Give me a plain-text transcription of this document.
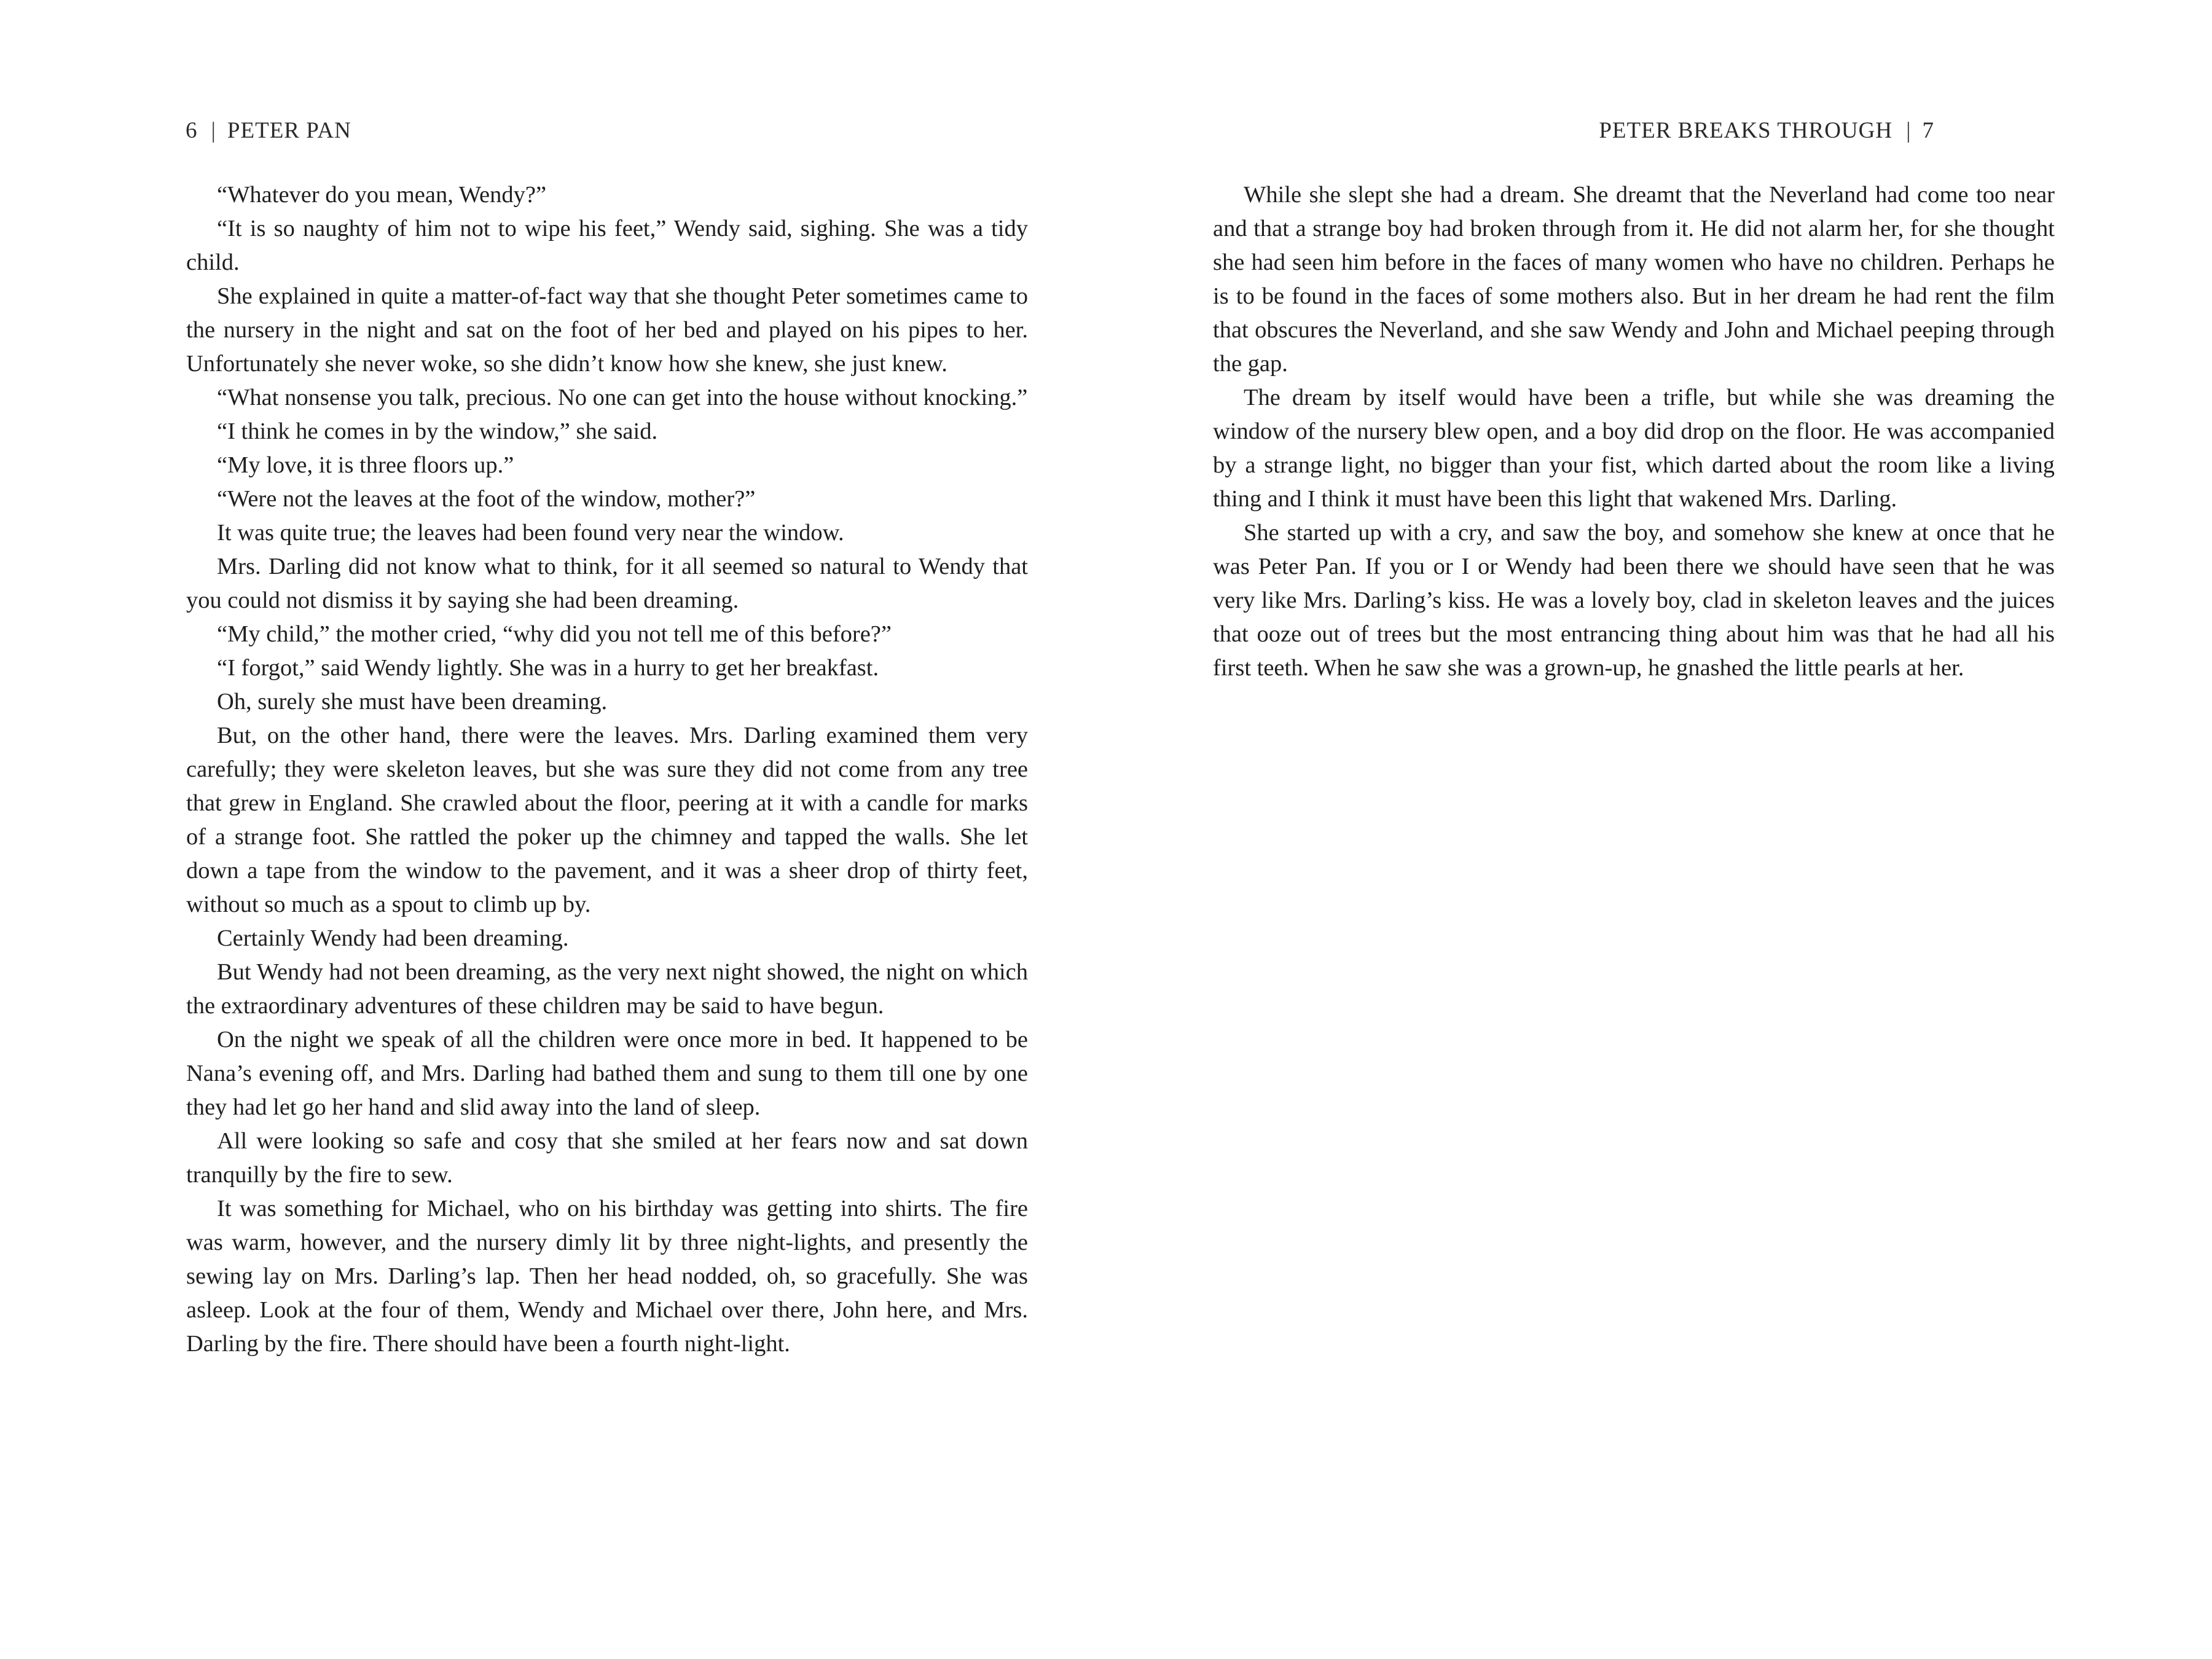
6 | PETER PAN

“Whatever do you mean, Wendy?”

“It is so naughty of him not to wipe his feet,” Wendy said, sighing. She was a tidy child.

She explained in quite a matter-of-fact way that she thought Peter sometimes came to the nursery in the night and sat on the foot of her bed and played on his pipes to her. Unfortunately she never woke, so she didn’t know how she knew, she just knew.

“What nonsense you talk, precious. No one can get into the house without knocking.”

“I think he comes in by the window,” she said.

“My love, it is three floors up.”

“Were not the leaves at the foot of the window, mother?”

It was quite true; the leaves had been found very near the window.

Mrs. Darling did not know what to think, for it all seemed so natural to Wendy that you could not dismiss it by saying she had been dreaming.

“My child,” the mother cried, “why did you not tell me of this before?”

“I forgot,” said Wendy lightly. She was in a hurry to get her breakfast.

Oh, surely she must have been dreaming.

But, on the other hand, there were the leaves. Mrs. Darling examined them very carefully; they were skeleton leaves, but she was sure they did not come from any tree that grew in England. She crawled about the floor, peering at it with a candle for marks of a strange foot. She rattled the poker up the chimney and tapped the walls. She let down a tape from the window to the pavement, and it was a sheer drop of thirty feet, without so much as a spout to climb up by.

Certainly Wendy had been dreaming.

But Wendy had not been dreaming, as the very next night showed, the night on which the extraordinary adventures of these children may be said to have begun.

On the night we speak of all the children were once more in bed. It happened to be Nana’s evening off, and Mrs. Darling had bathed them and sung to them till one by one they had let go her hand and slid away into the land of sleep.

All were looking so safe and cosy that she smiled at her fears now and sat down tranquilly by the fire to sew.

It was something for Michael, who on his birthday was getting into shirts. The fire was warm, however, and the nursery dimly lit by three night-lights, and presently the sewing lay on Mrs. Darling’s lap. Then her head nodded, oh, so gracefully. She was asleep. Look at the four of them, Wendy and Michael over there, John here, and Mrs. Darling by the fire. There should have been a fourth night-light.

PETER BREAKS THROUGH | 7

While she slept she had a dream. She dreamt that the Neverland had come too near and that a strange boy had broken through from it. He did not alarm her, for she thought she had seen him before in the faces of many women who have no children. Perhaps he is to be found in the faces of some mothers also. But in her dream he had rent the film that obscures the Neverland, and she saw Wendy and John and Michael peeping through the gap.

The dream by itself would have been a trifle, but while she was dreaming the window of the nursery blew open, and a boy did drop on the floor. He was accompanied by a strange light, no bigger than your fist, which darted about the room like a living thing and I think it must have been this light that wakened Mrs. Darling.

She started up with a cry, and saw the boy, and somehow she knew at once that he was Peter Pan. If you or I or Wendy had been there we should have seen that he was very like Mrs. Darling’s kiss. He was a lovely boy, clad in skeleton leaves and the juices that ooze out of trees but the most entrancing thing about him was that he had all his first teeth. When he saw she was a grown-up, he gnashed the little pearls at her.
